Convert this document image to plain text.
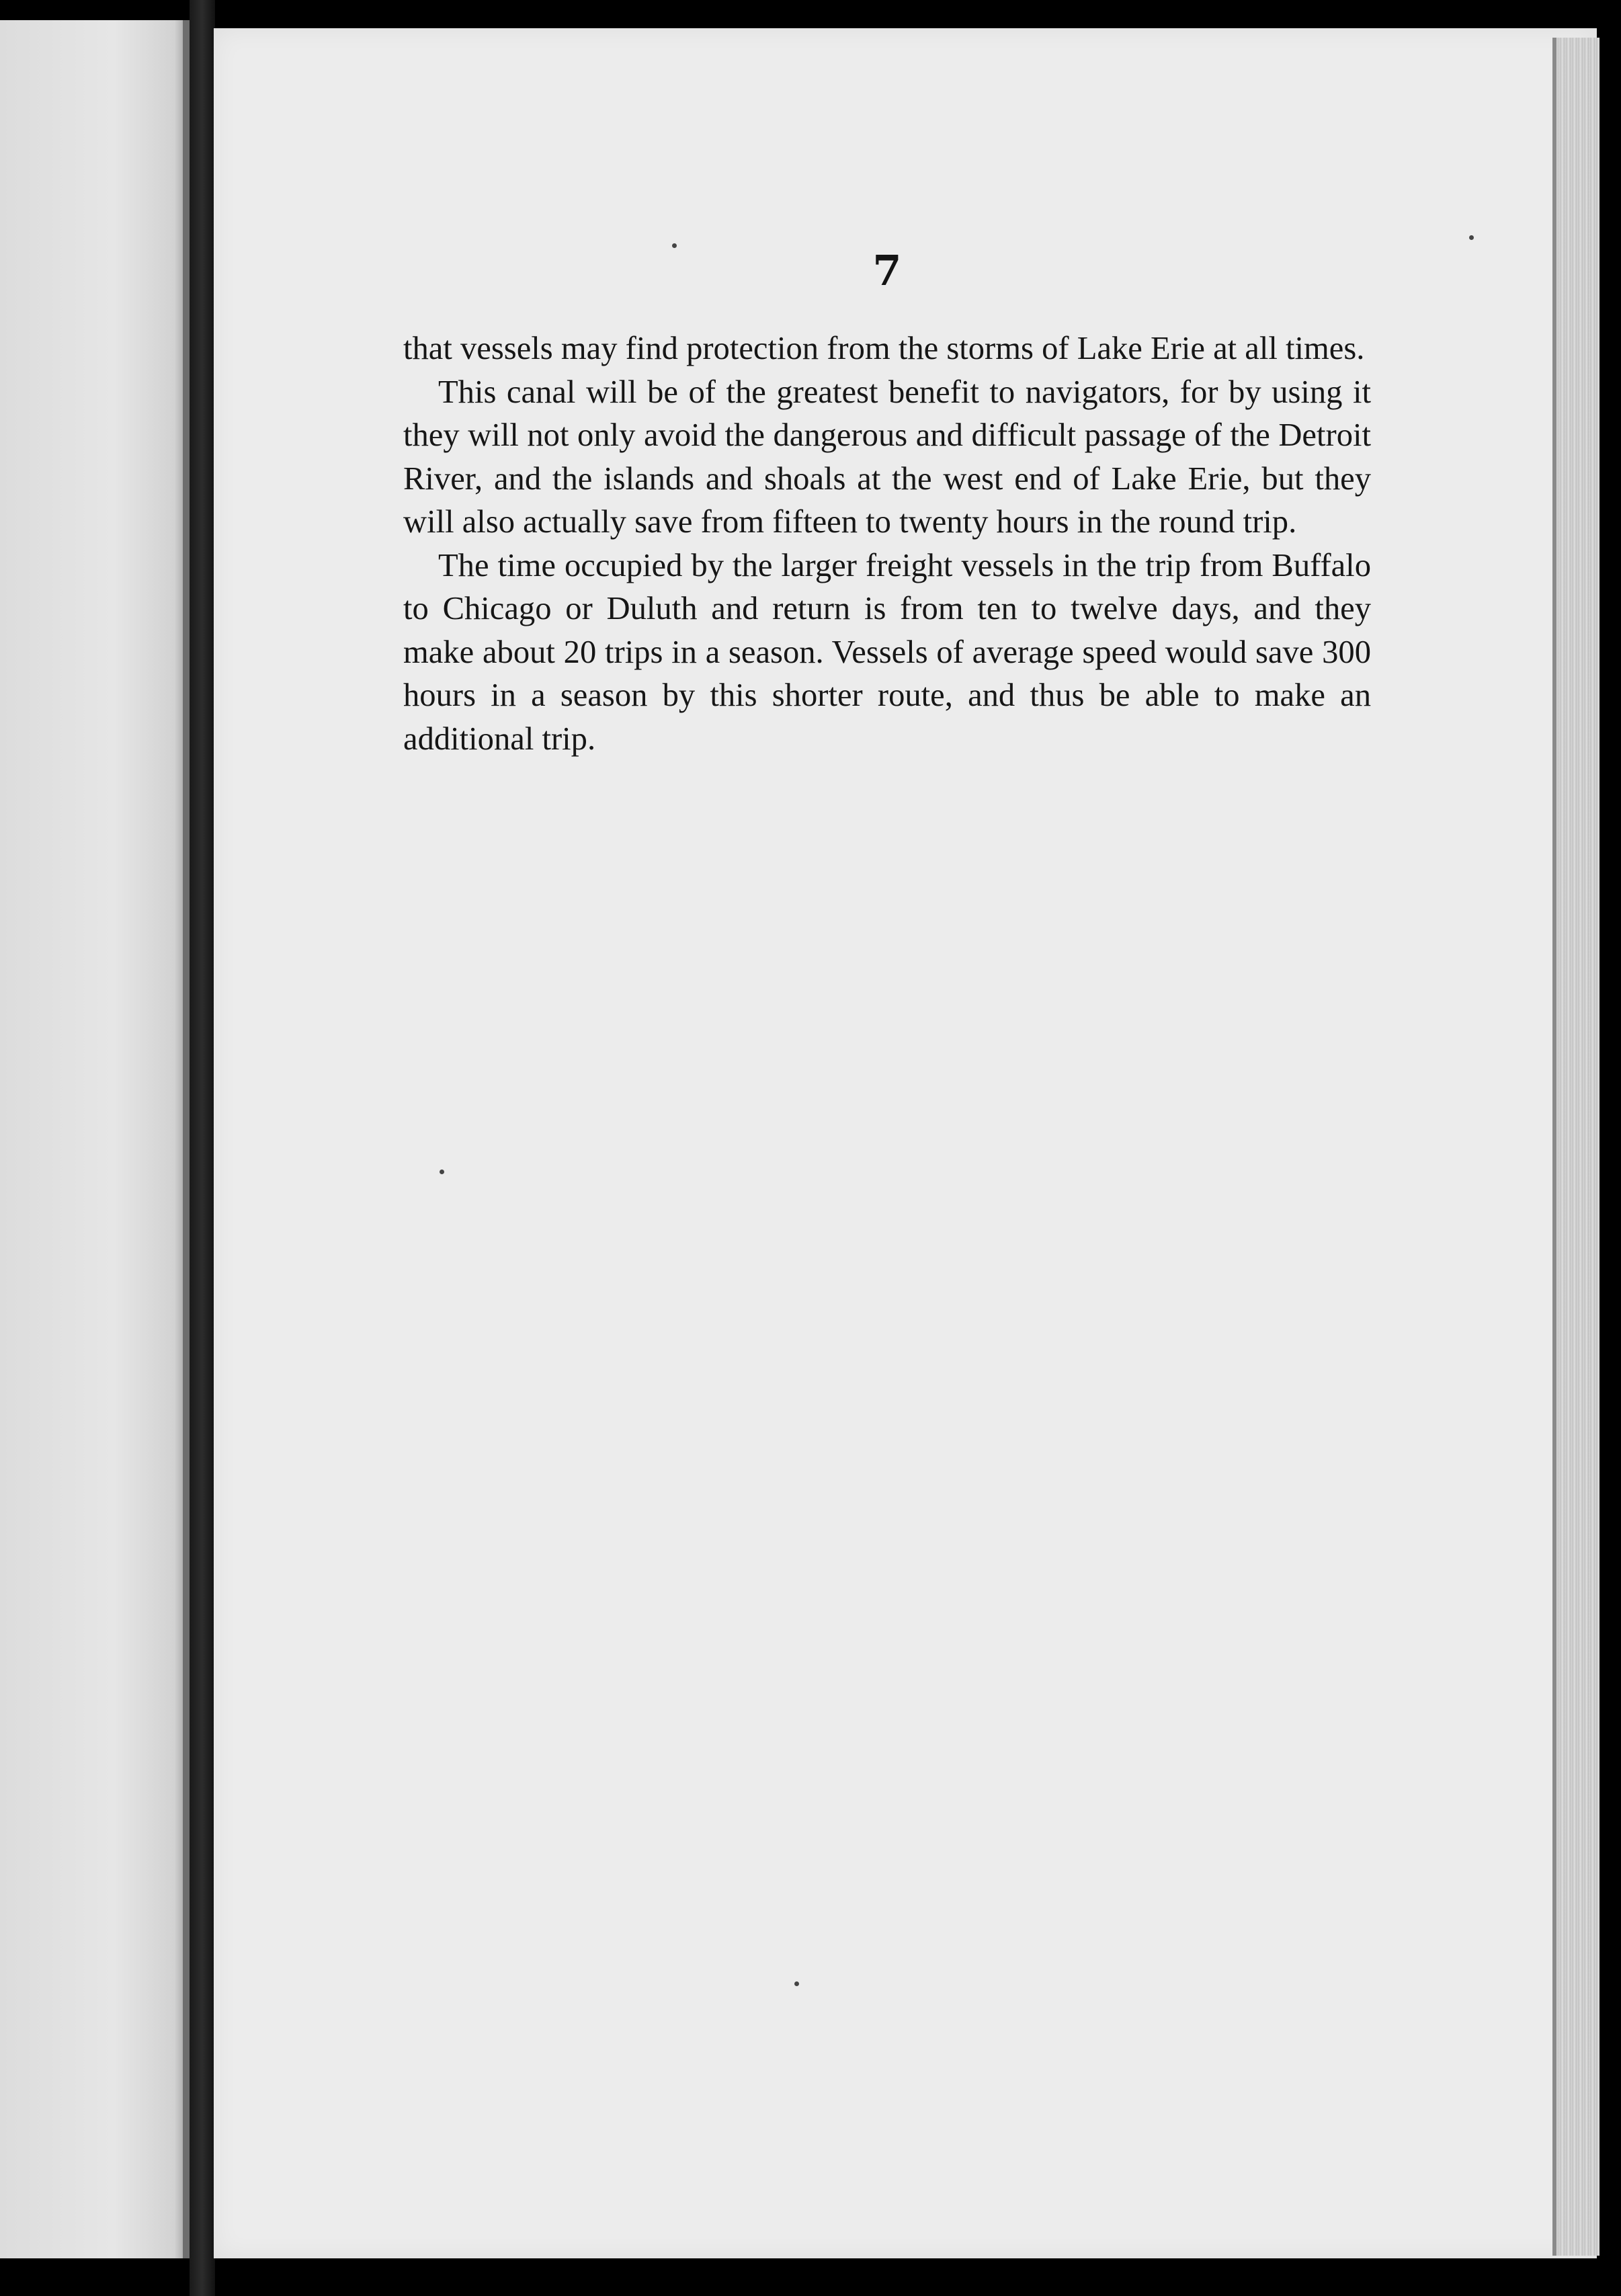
7

that vessels may find protection from the storms of Lake Erie at all times.

This canal will be of the greatest benefit to navigators, for by using it they will not only avoid the dangerous and difficult passage of the Detroit River, and the islands and shoals at the west end of Lake Erie, but they will also actually save from fifteen to twenty hours in the round trip.

The time occupied by the larger freight vessels in the trip from Buffalo to Chicago or Duluth and return is from ten to twelve days, and they make about 20 trips in a season. Vessels of average speed would save 300 hours in a season by this shorter route, and thus be able to make an additional trip.
